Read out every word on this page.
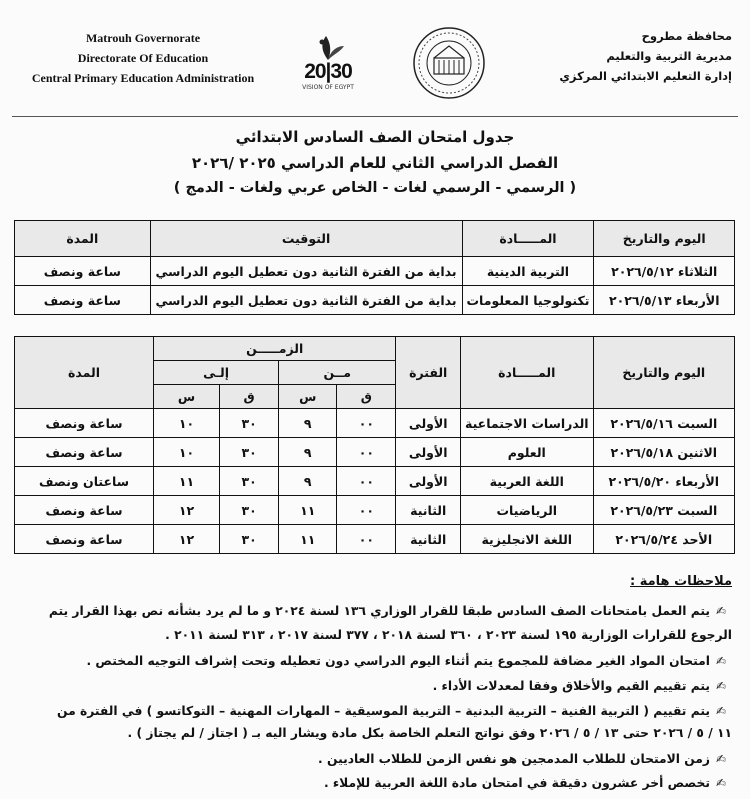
Matrouh Governorate
Directorate Of Education
Central Primary Education Administration	20|30
VISION OF EGYPT
محافظة مطروح
مديرية التربية والتعليم
إدارة التعليم الابتدائي المركزي
جدول امتحان الصف السادس الابتدائي
الفصل الدراسي الثاني للعام الدراسي ٢٠٢٥ /٢٠٢٦
( الرسمي - الرسمي لغات - الخاص عربي ولغات - الدمج )
اليوم والتاريخ	المـــــادة	التوقيت	المدة
الثلاثاء ٢٠٢٦/٥/١٢	التربية الدينية	بداية من الفترة الثانية دون تعطيل اليوم الدراسي	ساعة ونصف
الأربعاء ٢٠٢٦/٥/١٣	تكنولوجيا المعلومات	بداية من الفترة الثانية دون تعطيل اليوم الدراسي	ساعة ونصف
اليوم والتاريخ	المـــــادة	الفترة	الزمـــــن				المدة
			مــن		إلـى		
			ق	س	ق	س	
السبت ٢٠٢٦/٥/١٦	الدراسات الاجتماعية	الأولى	٠٠	٩	٣٠	١٠	ساعة ونصف
الاثنين ٢٠٢٦/٥/١٨	العلوم	الأولى	٠٠	٩	٣٠	١٠	ساعة ونصف
الأربعاء ٢٠٢٦/٥/٢٠	اللغة العربية	الأولى	٠٠	٩	٣٠	١١	ساعتان ونصف
السبت ٢٠٢٦/٥/٢٣	الرياضيات	الثانية	٠٠	١١	٣٠	١٢	ساعة ونصف
الأحد ٢٠٢٦/٥/٢٤	اللغة الانجليزية	الثانية	٠٠	١١	٣٠	١٢	ساعة ونصف
ملاحظات هامة :
✍يتم العمل بامتحانات الصف السادس طبقا للقرار الوزاري ١٣٦ لسنة ٢٠٢٤ و ما لم يرد بشأنه نص بهذا القرار يتم
الرجوع للقرارات الوزارية ١٩٥ لسنة ٢٠٢٣ ، ٣٦٠ لسنة ٢٠١٨ ، ٣٧٧ لسنة ٢٠١٧ ، ٣١٣ لسنة ٢٠١١ .
✍امتحان المواد الغير مضافة للمجموع يتم أثناء اليوم الدراسي دون تعطيله وتحت إشراف التوجيه المختص .
✍يتم تقييم القيم والأخلاق وفقا لمعدلات الأداء .
✍يتم تقييم ( التربية الفنية – التربية البدنية – التربية الموسيقية – المهارات المهنية – التوكاتسو ) في الفترة من
١١ / ٥ / ٢٠٢٦ حتى ١٣ / ٥ / ٢٠٢٦ وفق نواتج التعلم الخاصة بكل مادة ويشار اليه بـ ( اجتاز / لم يجتاز ) .
✍زمن الامتحان للطلاب المدمجين هو نفس الزمن للطلاب العاديين .
✍تخصص أخر عشرون دقيقة في امتحان مادة اللغة العربية للإملاء .
